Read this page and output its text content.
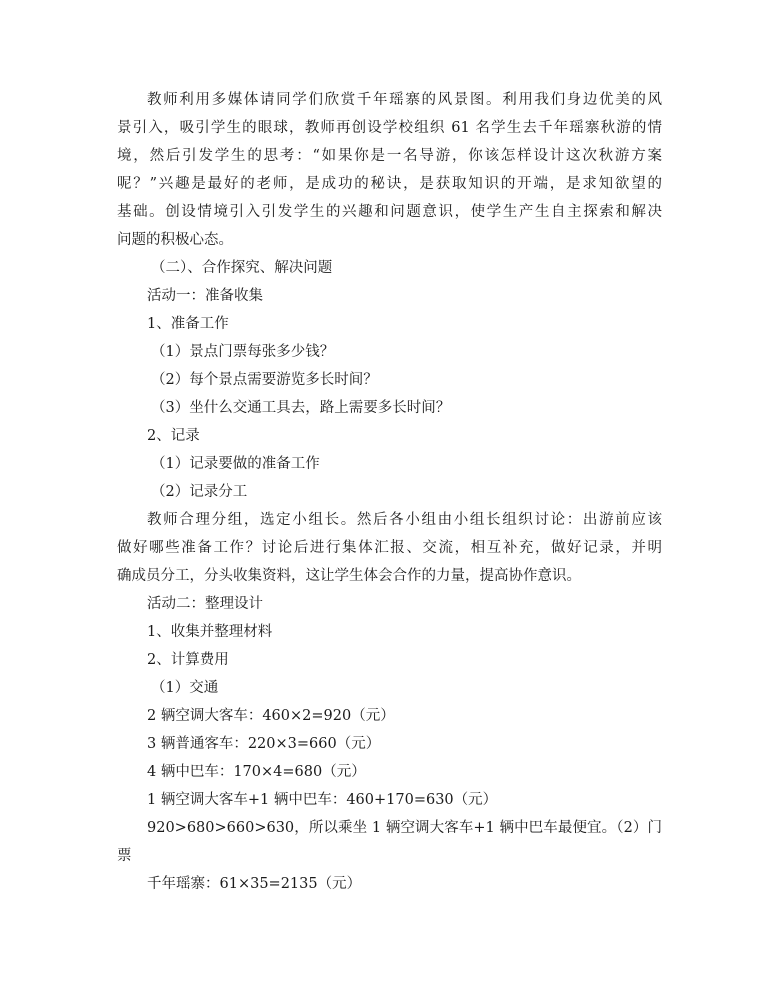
教师利用多媒体请同学们欣赏千年瑶寨的风景图。利用我们身边优美的风
景引入，吸引学生的眼球，教师再创设学校组织 61 名学生去千年瑶寨秋游的情
境，然后引发学生的思考：“如果你是一名导游，你该怎样设计这次秋游方案
呢？”兴趣是最好的老师，是成功的秘诀，是获取知识的开端，是求知欲望的
基础。创设情境引入引发学生的兴趣和问题意识，使学生产生自主探索和解决
问题的积极心态。
（二）、合作探究、解决问题
活动一：准备收集
1、准备工作
（1）景点门票每张多少钱？
（2）每个景点需要游览多长时间？
（3）坐什么交通工具去，路上需要多长时间？
2、记录
（1）记录要做的准备工作
（2）记录分工
教师合理分组，选定小组长。然后各小组由小组长组织讨论：出游前应该
做好哪些准备工作？讨论后进行集体汇报、交流，相互补充，做好记录，并明
确成员分工，分头收集资料，这让学生体会合作的力量，提高协作意识。
活动二：整理设计
1、收集并整理材料
2、计算费用
（1）交通
2 辆空调大客车：460×2=920（元）
3 辆普通客车：220×3=660（元）
4 辆中巴车：170×4=680（元）
1 辆空调大客车+1 辆中巴车：460+170=630（元）
920>680>660>630，所以乘坐 1 辆空调大客车+1 辆中巴车最便宜。（2）门
票
千年瑶寨：61×35=2135（元）
